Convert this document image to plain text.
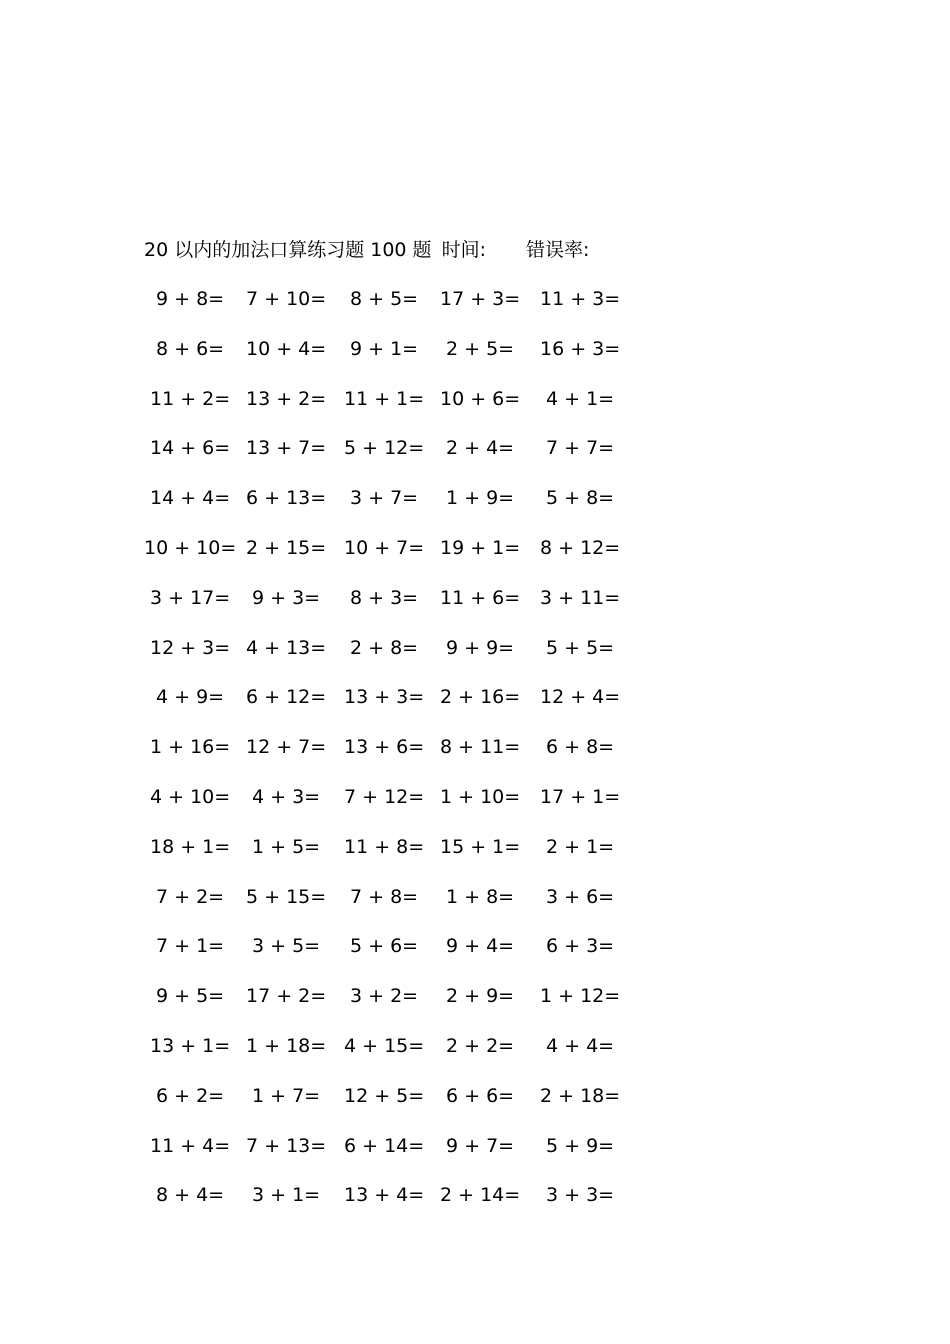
20 以内的加法口算练习题 100 题 时间: 错误率:
9 + 8= 7 + 10= 8 + 5= 17 + 3= 11 + 3=
8 + 6= 10 + 4= 9 + 1= 2 + 5= 16 + 3=
11 + 2= 13 + 2= 11 + 1= 10 + 6= 4 + 1=
14 + 6= 13 + 7= 5 + 12= 2 + 4= 7 + 7=
14 + 4= 6 + 13= 3 + 7= 1 + 9= 5 + 8=
10 + 10= 2 + 15= 10 + 7= 19 + 1= 8 + 12=
3 + 17= 9 + 3= 8 + 3= 11 + 6= 3 + 11=
12 + 3= 4 + 13= 2 + 8= 9 + 9= 5 + 5=
4 + 9= 6 + 12= 13 + 3= 2 + 16= 12 + 4=
1 + 16= 12 + 7= 13 + 6= 8 + 11= 6 + 8=
4 + 10= 4 + 3= 7 + 12= 1 + 10= 17 + 1=
18 + 1= 1 + 5= 11 + 8= 15 + 1= 2 + 1=
7 + 2= 5 + 15= 7 + 8= 1 + 8= 3 + 6=
7 + 1= 3 + 5= 5 + 6= 9 + 4= 6 + 3=
9 + 5= 17 + 2= 3 + 2= 2 + 9= 1 + 12=
13 + 1= 1 + 18= 4 + 15= 2 + 2= 4 + 4=
6 + 2= 1 + 7= 12 + 5= 6 + 6= 2 + 18=
11 + 4= 7 + 13= 6 + 14= 9 + 7= 5 + 9=
8 + 4= 3 + 1= 13 + 4= 2 + 14= 3 + 3=
